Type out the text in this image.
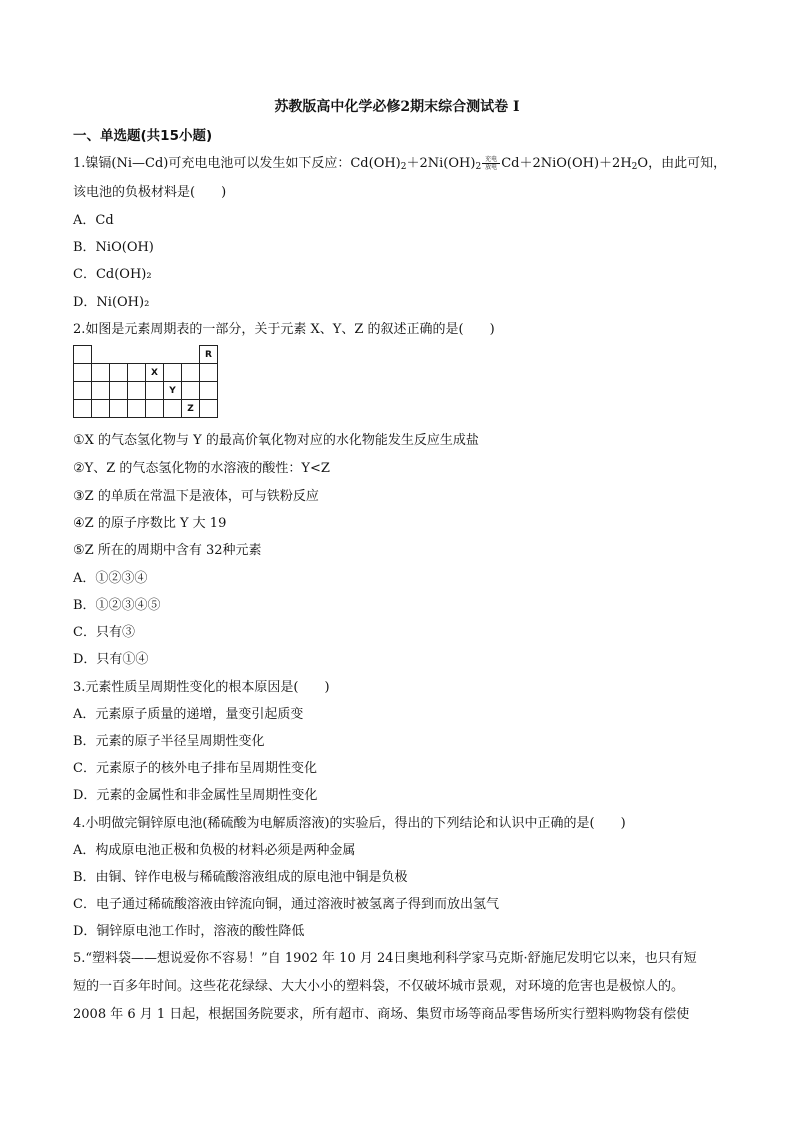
苏教版高中化学必修2期末综合测试卷 I
一、单选题(共15小题)
1.镍镉(Ni—Cd)可充电电池可以发生如下反应：$Cd(OH)_2+2Ni(OH)_2$充电
放电 $Cd+2NiO(OH)+2H_2O$，由此可知，
该电池的负极材料是(　　)
A．Cd
B．NiO(OH)
C．Cd(OH)₂
D．Ni(OH)₂
2.如图是元素周期表的一部分，关于元素 X、Y、Z 的叙述正确的是(　　)
							R
				X			
					Y		
						Z	
①X 的气态氢化物与 Y 的最高价氧化物对应的水化物能发生反应生成盐
②Y、Z 的气态氢化物的水溶液的酸性：Y<Z
③Z 的单质在常温下是液体，可与铁粉反应
④Z 的原子序数比 Y 大 19
⑤Z 所在的周期中含有 32种元素
A．①②③④
B．①②③④⑤
C．只有③
D．只有①④
3.元素性质呈周期性变化的根本原因是(　　)
A．元素原子质量的递增，量变引起质变
B．元素的原子半径呈周期性变化
C．元素原子的核外电子排布呈周期性变化
D．元素的金属性和非金属性呈周期性变化
4.小明做完铜锌原电池(稀硫酸为电解质溶液)的实验后，得出的下列结论和认识中正确的是(　　)
A．构成原电池正极和负极的材料必须是两种金属
B．由铜、锌作电极与稀硫酸溶液组成的原电池中铜是负极
C．电子通过稀硫酸溶液由锌流向铜，通过溶液时被氢离子得到而放出氢气
D．铜锌原电池工作时，溶液的酸性降低
5.“塑料袋——想说爱你不容易！”自 1902 年 10 月 24日奥地利科学家马克斯·舒施尼发明它以来，也只有短
短的一百多年时间。这些花花绿绿、大大小小的塑料袋，不仅破坏城市景观，对环境的危害也是极惊人的。
2008 年 6 月 1 日起，根据国务院要求，所有超市、商场、集贸市场等商品零售场所实行塑料购物袋有偿使
